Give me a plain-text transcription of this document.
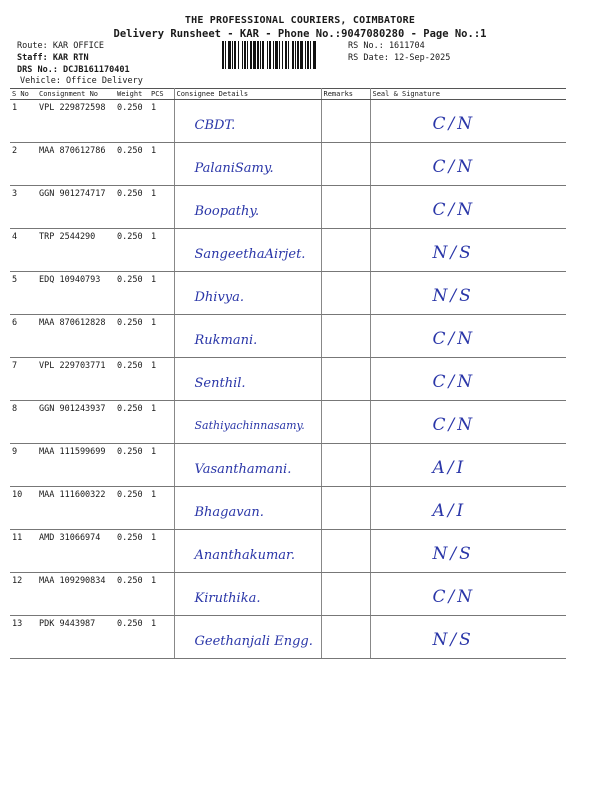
THE PROFESSIONAL COURIERS, COIMBATORE
Delivery Runsheet - KAR - Phone No.:9047080280 - Page No.:1
Route: KAR OFFICE
Staff: KAR RTN
DRS No.: DCJB161170401
Vehicle: Office Delivery
RS No.: 1611704
RS Date: 12-Sep-2025
S No	Consignment No	Weight	PCS	Consignee Details	Remarks	Seal & Signature
1	VPL 229872598	0.250	1	CBDT.		C/N

2	MAA 870612786	0.250	1	PalaniSamy.		C/N

3	GGN 901274717	0.250	1	Boopathy.		C/N

4	TRP 2544290	0.250	1	SangeethaAirjet.		N/S

5	EDQ 10940793	0.250	1	Dhivya.		N/S

6	MAA 870612828	0.250	1	Rukmani.		C/N

7	VPL 229703771	0.250	1	Senthil.		C/N

8	GGN 901243937	0.250	1	Sathiyachinnasamy.		C/N

9	MAA 111599699	0.250	1	Vasanthamani.		A/I

10	MAA 111600322	0.250	1	Bhagavan.		A/I

11	AMD 31066974	0.250	1	Ananthakumar.		N/S

12	MAA 109290834	0.250	1	Kiruthika.		C/N

13	PDK 9443987	0.250	1	Geethanjali Engg.		N/S
